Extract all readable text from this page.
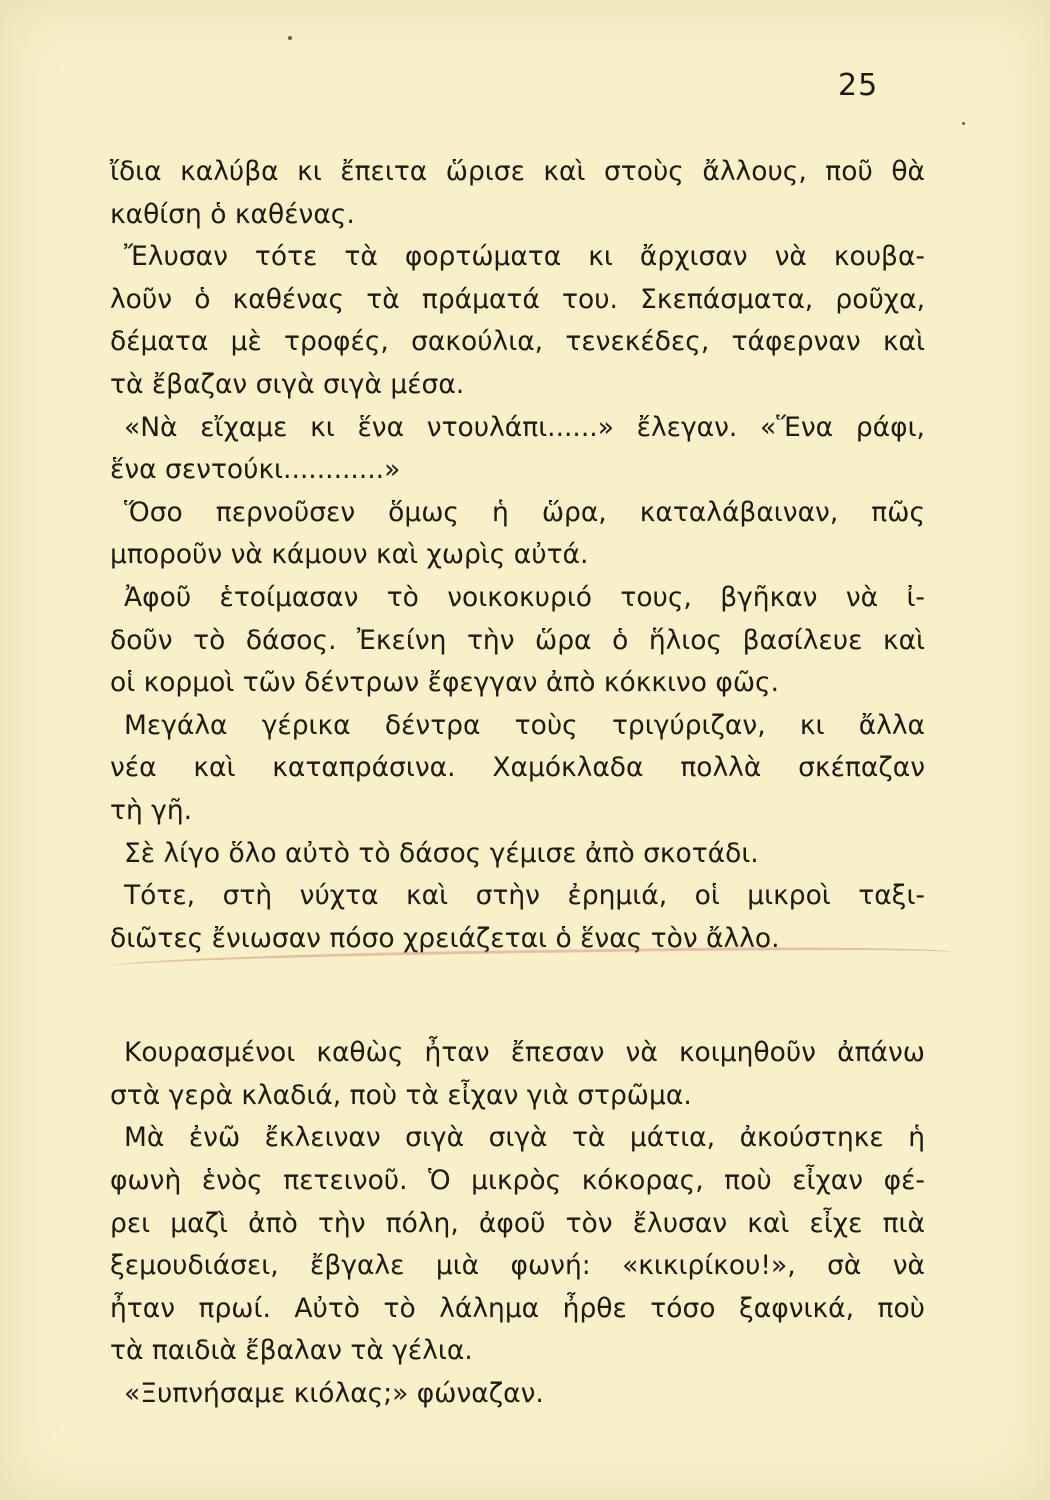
25
ἴδια καλύβα κι ἔπειτα ὥρισε καὶ στοὺς ἄλλους, ποῦ θὰ
καθίση ὁ καθένας.
Ἔλυσαν τότε τὰ φορτώματα κι ἄρχισαν νὰ κουβα-
λοῦν ὁ καθένας τὰ πράματά του. Σκεπάσματα, ροῦχα,
δέματα μὲ τροφές, σακούλια, τενεκέδες, τάφερναν καὶ
τὰ ἔβαζαν σιγὰ σιγὰ μέσα.
«Νὰ εἴχαμε κι ἕνα ντουλάπι......» ἔλεγαν. «Ἕνα ράφι,
ἕνα σεντούκι............»
Ὅσο περνοῦσεν ὅμως ἡ ὥρα, καταλάβαιναν, πῶς
μποροῦν νὰ κάμουν καὶ χωρὶς αὐτά.
Ἀφοῦ ἑτοίμασαν τὸ νοικοκυριό τους, βγῆκαν νὰ ἰ-
δοῦν τὸ δάσος. Ἐκείνη τὴν ὥρα ὁ ἥλιος βασίλευε καὶ
οἱ κορμοὶ τῶν δέντρων ἔφεγγαν ἀπὸ κόκκινο φῶς.
Μεγάλα γέρικα δέντρα τοὺς τριγύριζαν, κι ἄλλα
νέα καὶ καταπράσινα. Χαμόκλαδα πολλὰ σκέπαζαν
τὴ γῆ.
Σὲ λίγο ὅλο αὐτὸ τὸ δάσος γέμισε ἀπὸ σκοτάδι.
Τότε, στὴ νύχτα καὶ στὴν ἐρημιά, οἱ μικροὶ ταξι-
διῶτες ἔνιωσαν πόσο χρειάζεται ὁ ἕνας τὸν ἄλλο.
Κουρασμένοι καθὼς ἦταν ἔπεσαν νὰ κοιμηθοῦν ἀπάνω
στὰ γερὰ κλαδιά, ποὺ τὰ εἶχαν γιὰ στρῶμα.
Μὰ ἐνῶ ἔκλειναν σιγὰ σιγὰ τὰ μάτια, ἀκούστηκε ἡ
φωνὴ ἑνὸς πετεινοῦ. Ὁ μικρὸς κόκορας, ποὺ εἶχαν φέ-
ρει μαζὶ ἀπὸ τὴν πόλη, ἀφοῦ τὸν ἔλυσαν καὶ εἶχε πιὰ
ξεμουδιάσει, ἔβγαλε μιὰ φωνή: «κικιρίκου!», σὰ νὰ
ἦταν πρωί. Αὐτὸ τὸ λάλημα ἦρθε τόσο ξαφνικά, ποὺ
τὰ παιδιὰ ἔβαλαν τὰ γέλια.
«Ξυπνήσαμε κιόλας;» φώναζαν.
